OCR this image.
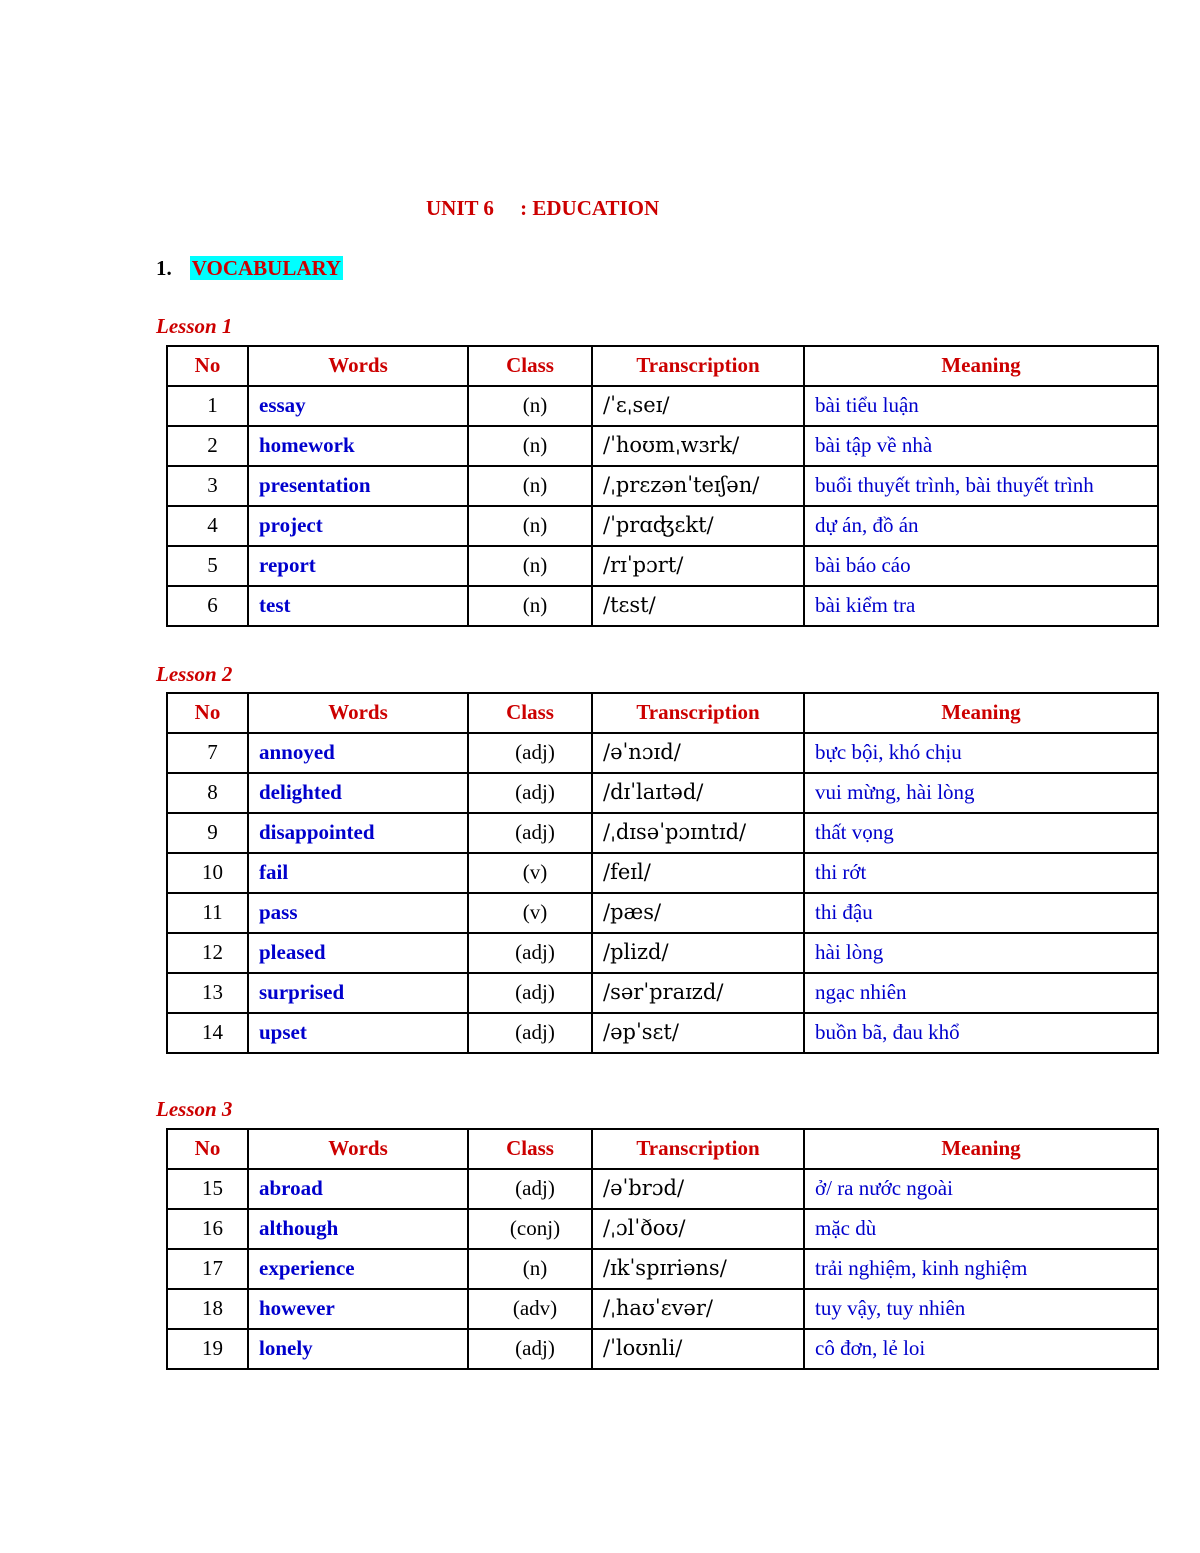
UNIT 6     : EDUCATION
1. VOCABULARY
Lesson 1
No	Words	Class	Transcription	Meaning
1	essay	(n)	/ˈɛˌseɪ/	bài tiểu luận
2	homework	(n)	/ˈhoʊmˌwɜrk/	bài tập về nhà
3	presentation	(n)	/ˌprɛzənˈteɪʃən/	buổi thuyết trình, bài thuyết trình
4	project	(n)	/ˈprɑʤɛkt/	dự án, đồ án
5	report	(n)	/rɪˈpɔrt/	bài báo cáo
6	test	(n)	/tɛst/	bài kiểm tra
Lesson 2
No	Words	Class	Transcription	Meaning
7	annoyed	(adj)	/əˈnɔɪd/	bực bội, khó chịu
8	delighted	(adj)	/dɪˈlaɪtəd/	vui mừng, hài lòng
9	disappointed	(adj)	/ˌdɪsəˈpɔɪntɪd/	thất vọng
10	fail	(v)	/feɪl/	thi rớt
11	pass	(v)	/pæs/	thi đậu
12	pleased	(adj)	/plizd/	hài lòng
13	surprised	(adj)	/sərˈpraɪzd/	ngạc nhiên
14	upset	(adj)	/əpˈsɛt/	buồn bã, đau khổ
Lesson 3
No	Words	Class	Transcription	Meaning
15	abroad	(adj)	/əˈbrɔd/	ở/ ra nước ngoài
16	although	(conj)	/ˌɔlˈðoʊ/	mặc dù
17	experience	(n)	/ɪkˈspɪriəns/	trải nghiệm, kinh nghiệm
18	however	(adv)	/ˌhaʊˈɛvər/	tuy vậy, tuy nhiên
19	lonely	(adj)	/ˈloʊnli/	cô đơn, lẻ loi
